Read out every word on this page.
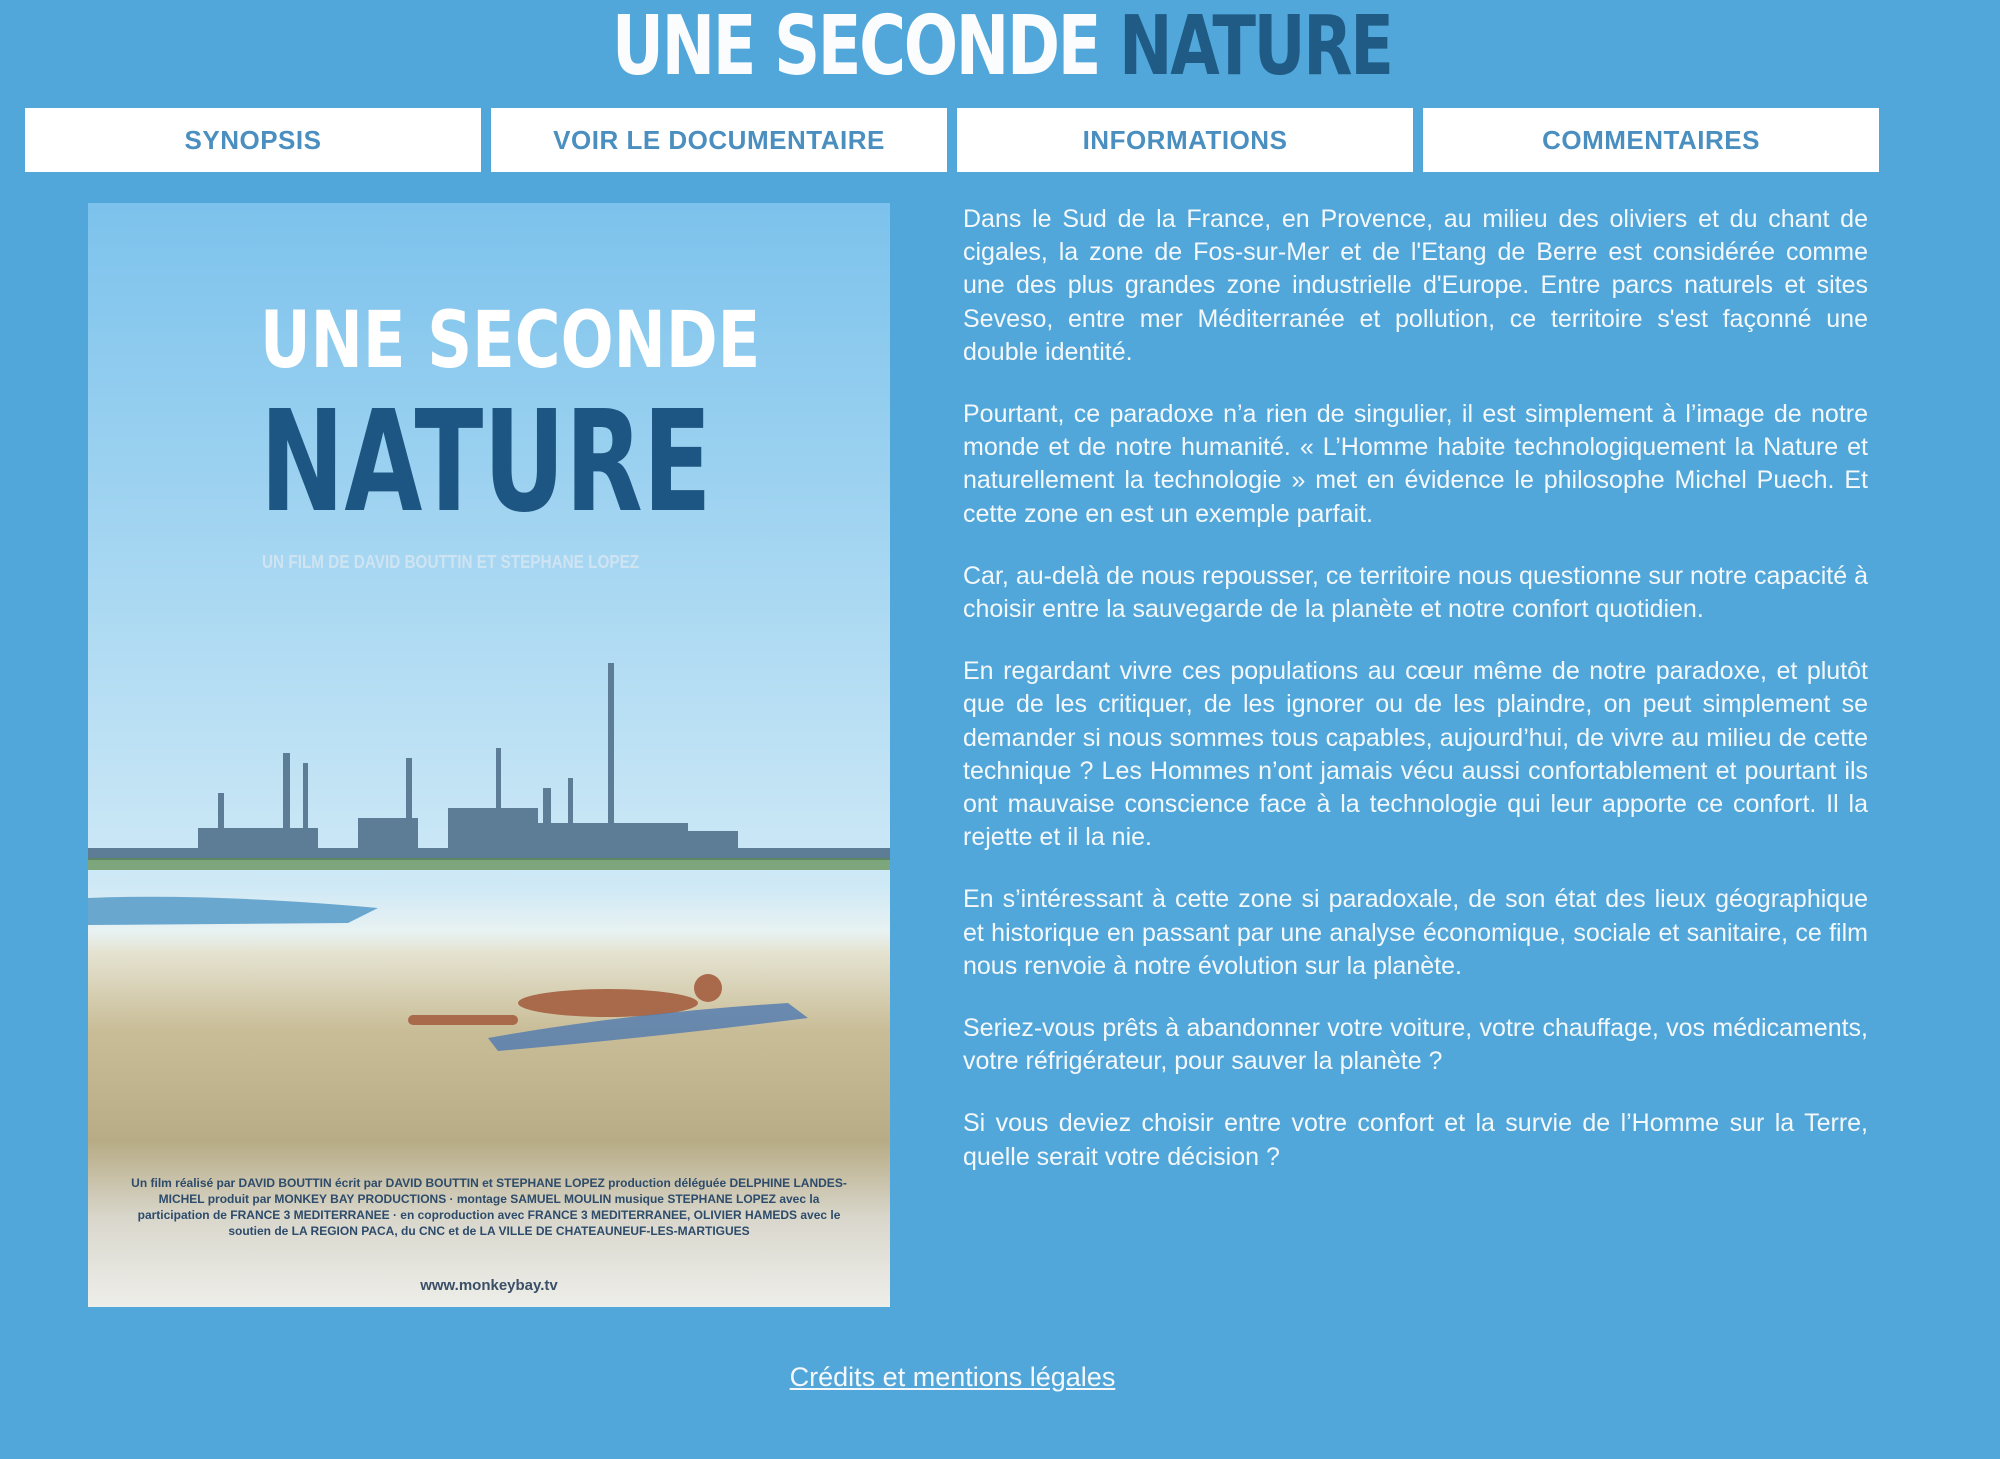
UNE SECONDE NATURE
SYNOPSIS	VOIR LE DOCUMENTAIRE	INFORMATIONS	COMMENTAIRES
UNE SECONDE
NATURE
UN FILM DE DAVID BOUTTIN ET STEPHANE LOPEZ
Un film réalisé par DAVID BOUTTIN écrit par DAVID BOUTTIN et STEPHANE LOPEZ production déléguée DELPHINE LANDES-MICHEL produit par MONKEY BAY PRODUCTIONS · montage SAMUEL MOULIN musique STEPHANE LOPEZ avec la participation de FRANCE 3 MEDITERRANEE · en coproduction avec FRANCE 3 MEDITERRANEE, OLIVIER HAMEDS avec le soutien de LA REGION PACA, du CNC et de LA VILLE DE CHATEAUNEUF-LES-MARTIGUES
www.monkeybay.tv

Dans le Sud de la France, en Provence, au milieu des oliviers et du chant de cigales, la zone de Fos-sur-Mer et de l'Etang de Berre est considérée comme une des plus grandes zone industrielle d'Europe. Entre parcs naturels et sites Seveso, entre mer Méditerranée et pollution, ce territoire s'est façonné une double identité.

Pourtant, ce paradoxe n’a rien de singulier, il est simplement à l’image de notre monde et de notre humanité. « L’Homme habite technologiquement la Nature et naturellement la technologie » met en évidence le philosophe Michel Puech. Et cette zone en est un exemple parfait.

Car, au-delà de nous repousser, ce territoire nous questionne sur notre capacité à choisir entre la sauvegarde de la planète et notre confort quotidien.

En regardant vivre ces populations au cœur même de notre paradoxe, et plutôt que de les critiquer, de les ignorer ou de les plaindre, on peut simplement se demander si nous sommes tous capables, aujourd’hui, de vivre au milieu de cette technique ? Les Hommes n’ont jamais vécu aussi confortablement et pourtant ils ont mauvaise conscience face à la technologie qui leur apporte ce confort. Il la rejette et il la nie.

En s’intéressant à cette zone si paradoxale, de son état des lieux géographique et historique en passant par une analyse économique, sociale et sanitaire, ce film nous renvoie à notre évolution sur la planète.

Seriez-vous prêts à abandonner votre voiture, votre chauffage, vos médicaments, votre réfrigérateur, pour sauver la planète ?

Si vous deviez choisir entre votre confort et la survie de l’Homme sur la Terre, quelle serait votre décision ?

Crédits et mentions légales
